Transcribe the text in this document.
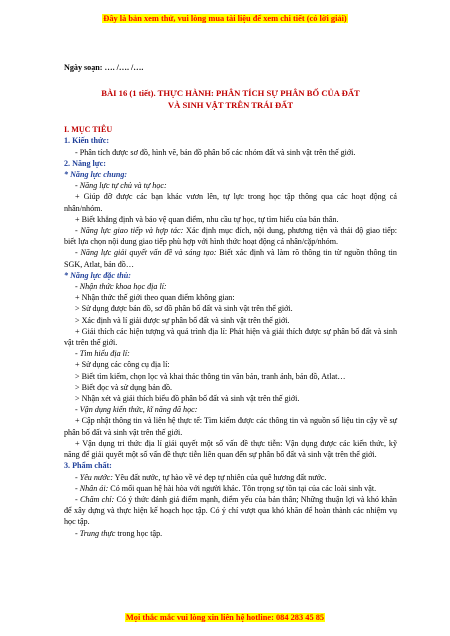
Đây là bản xem thử, vui lòng mua tài liệu để xem chi tiết (có lời giải)
Ngày soạn: …. /…. /….
BÀI 16 (1 tiết). THỰC HÀNH: PHÂN TÍCH SỰ PHÂN BỐ CỦA ĐẤT
VÀ SINH VẬT TRÊN TRÁI ĐẤT
I. MỤC TIÊU
1. Kiến thức:

- Phân tích được sơ đồ, hình vẽ, bản đồ phân bố các nhóm đất và sinh vật trên thế giới.

2. Năng lực:
* Năng lực chung:

- Năng lực tự chủ và tự học:

+ Giúp đỡ được các bạn khác vươn lên, tự lực trong học tập thông qua các hoạt động cá nhân/nhóm.

+ Biết khẳng định và bảo vệ quan điểm, nhu cầu tự học, tự tìm hiểu của bản thân.

- Năng lực giao tiếp và hợp tác: Xác định mục đích, nội dung, phương tiện và thái độ giao tiếp: biết lựa chọn nội dung giao tiếp phù hợp với hình thức hoạt động cá nhân/cặp/nhóm.

- Năng lực giải quyết vấn đề và sáng tạo: Biết xác định và làm rõ thông tin từ nguồn thông tin SGK, Atlat, bản đồ…

* Năng lực đặc thù:

- Nhận thức khoa học địa lí:

+ Nhận thức thế giới theo quan điểm không gian:

> Sử dụng được bản đồ, sơ đồ phân bố đất và sinh vật trên thế giới.

> Xác định và lí giải được sự phân bố đất và sinh vật trên thế giới.

+ Giải thích các hiện tượng và quá trình địa lí: Phát hiện và giải thích được sự phân bố đất và sinh vật trên thế giới.

- Tìm hiểu địa lí:

+ Sử dụng các công cụ địa lí:

> Biết tìm kiếm, chọn lọc và khai thác thông tin văn bản, tranh ảnh, bản đồ, Atlat…

> Biết đọc và sử dụng bản đồ.

> Nhận xét và giải thích biểu đồ phân bố đất và sinh vật trên thế giới.

- Vận dụng kiến thức, kĩ năng đã học:

+ Cập nhật thông tin và liên hệ thực tế: Tìm kiếm được các thông tin và nguồn số liệu tin cậy về sự phân bố đất và sinh vật trên thế giới.

+ Vận dụng tri thức địa lí giải quyết một số vấn đề thực tiễn: Vận dụng được các kiến thức, kỹ năng để giải quyết một số vấn đề thực tiễn liên quan đến sự phân bố đất và sinh vật trên thế giới.

3. Phẩm chất:

- Yêu nước: Yêu đất nước, tự hào về vẻ đẹp tự nhiên của quê hương đất nước.

- Nhân ái: Có mối quan hệ hài hòa với người khác. Tôn trọng sự tồn tại của các loài sinh vật.

- Chăm chỉ: Có ý thức đánh giá điểm mạnh, điểm yếu của bản thân; Những thuận lợi và khó khăn để xây dựng và thực hiện kế hoạch học tập. Có ý chí vượt qua khó khăn để hoàn thành các nhiệm vụ học tập.

- Trung thực trong học tập.

Mọi thắc mắc vui lòng xin liên hệ hotline: 084 283 45 85
